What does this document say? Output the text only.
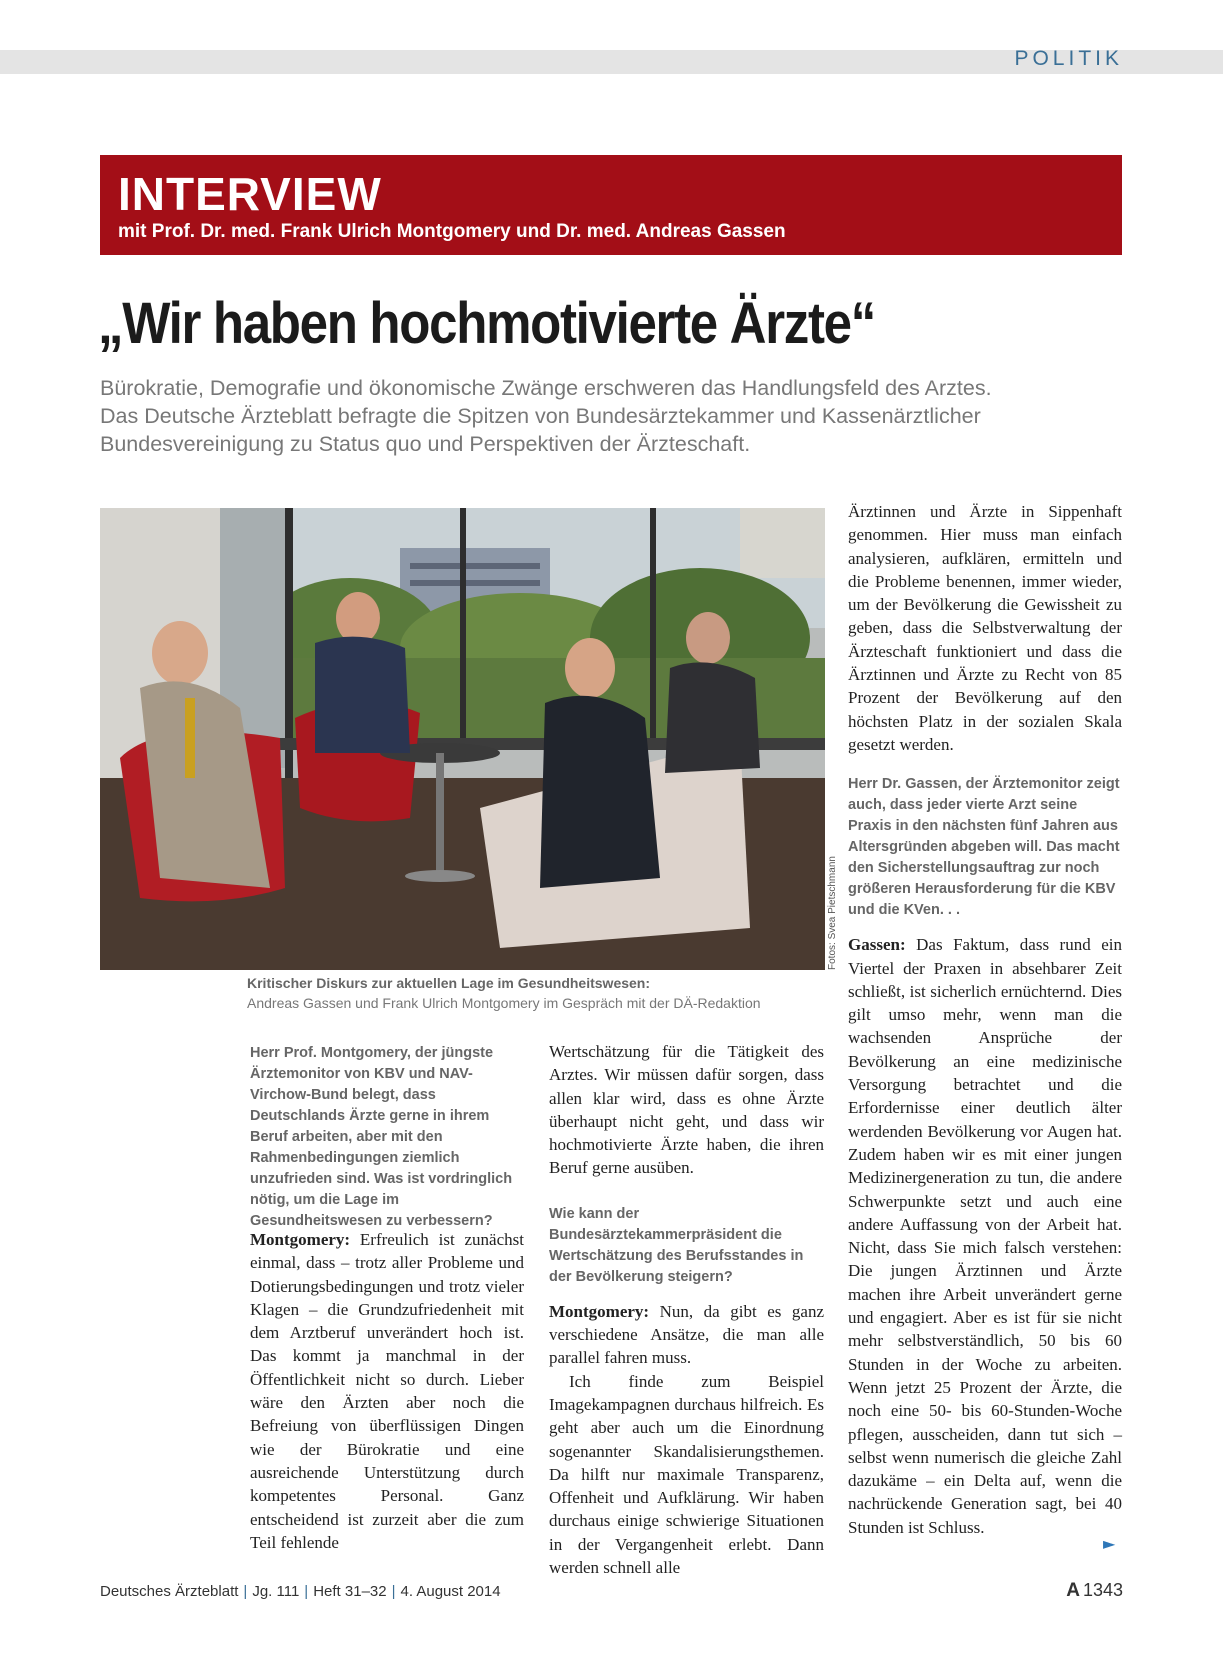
POLITIK
INTERVIEW
mit Prof. Dr. med. Frank Ulrich Montgomery und Dr. med. Andreas Gassen
„Wir haben hochmotivierte Ärzte“
Bürokratie, Demografie und ökonomische Zwänge erschweren das Handlungsfeld des Arztes.
Das Deutsche Ärzteblatt befragte die Spitzen von Bundesärztekammer und Kassenärztlicher
Bundesvereinigung zu Status quo und Perspektiven der Ärzteschaft.
Fotos: Svea Pietschmann
Kritischer Diskurs zur aktuellen Lage im Gesundheitswesen:
Andreas Gassen und Frank Ulrich Montgomery im Gespräch mit der DÄ-Redaktion
Herr Prof. Montgomery, der jüngste Ärztemonitor von KBV und NAV-Virchow-Bund belegt, dass Deutschlands Ärzte gerne in ihrem Beruf arbeiten, aber mit den Rahmenbedingungen ziemlich unzufrieden sind. Was ist vordringlich nötig, um die Lage im Gesundheitswesen zu verbessern?

Montgomery: Erfreulich ist zunächst einmal, dass – trotz aller Probleme und Dotierungsbedingungen und trotz vieler Klagen – die Grundzufriedenheit mit dem Arztberuf unverändert hoch ist. Das kommt ja manchmal in der Öffentlichkeit nicht so durch. Lieber wäre den Ärzten aber noch die Befreiung von überflüssigen Dingen wie der Bürokratie und eine ausreichende Unterstützung durch kompetentes Personal. Ganz entscheidend ist zurzeit aber die zum Teil fehlende

Wertschätzung für die Tätigkeit des Arztes. Wir müssen dafür sorgen, dass allen klar wird, dass es ohne Ärzte überhaupt nicht geht, und dass wir hochmotivierte Ärzte haben, die ihren Beruf gerne ausüben.

Wie kann der Bundesärztekammerpräsident die Wertschätzung des Berufsstandes in der Bevölkerung steigern?

Montgomery: Nun, da gibt es ganz verschiedene Ansätze, die man alle parallel fahren muss.

Ich finde zum Beispiel Imagekampagnen durchaus hilfreich. Es geht aber auch um die Einordnung sogenannter Skandalisierungsthemen. Da hilft nur maximale Transparenz, Offenheit und Aufklärung. Wir haben durchaus einige schwierige Situationen in der Vergangenheit erlebt. Dann werden schnell alle

Ärztinnen und Ärzte in Sippenhaft genommen. Hier muss man einfach analysieren, aufklären, ermitteln und die Probleme benennen, immer wieder, um der Bevölkerung die Gewissheit zu geben, dass die Selbstverwaltung der Ärzteschaft funktioniert und dass die Ärztinnen und Ärzte zu Recht von 85 Prozent der Bevölkerung auf den höchsten Platz in der sozialen Skala gesetzt werden.

Herr Dr. Gassen, der Ärztemonitor zeigt auch, dass jeder vierte Arzt seine Praxis in den nächsten fünf Jahren aus Altersgründen abgeben will. Das macht den Sicherstellungsauftrag zur noch größeren Herausforderung für die KBV und die KVen. . .

Gassen: Das Faktum, dass rund ein Viertel der Praxen in absehbarer Zeit schließt, ist sicherlich ernüchternd. Dies gilt umso mehr, wenn man die wachsenden Ansprüche der Bevölkerung an eine medizinische Versorgung betrachtet und die Erfordernisse einer deutlich älter werdenden Bevölkerung vor Augen hat. Zudem haben wir es mit einer jungen Medizinergeneration zu tun, die andere Schwerpunkte setzt und auch eine andere Auffassung von der Arbeit hat. Nicht, dass Sie mich falsch verstehen: Die jungen Ärztinnen und Ärzte machen ihre Arbeit unverändert gerne und engagiert. Aber es ist für sie nicht mehr selbstverständlich, 50 bis 60 Stunden in der Woche zu arbeiten. Wenn jetzt 25 Prozent der Ärzte, die noch eine 50- bis 60-Stunden-Woche pflegen, ausscheiden, dann tut sich – selbst wenn numerisch die gleiche Zahl dazukäme – ein Delta auf, wenn die nachrückende Generation sagt, bei 40 Stunden ist Schluss.

►
Deutsches Ärzteblatt | Jg. 111 | Heft 31–32 | 4. August 2014	A 1343
